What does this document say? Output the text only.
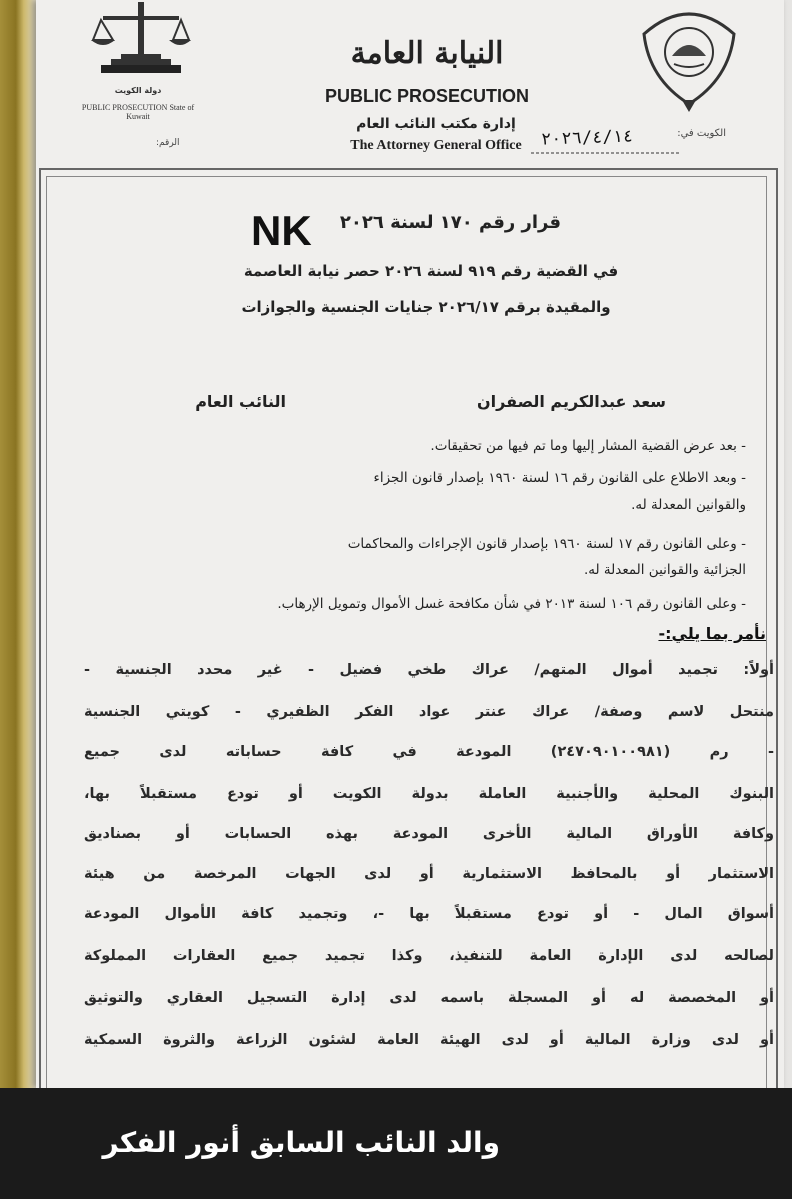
دولة الكويت
PUBLIC PROSECUTION State of Kuwait
النيابة العامة
PUBLIC PROSECUTION
إدارة مكتب النائب العام
The Attorney General Office
الرقم:
الكويت في:
٢٠٢٦/٤/١٤
NK	قرار رقم ١٧٠ لسنة ٢٠٢٦
في القضية رقم ٩١٩ لسنة ٢٠٢٦ حصر نيابة العاصمة
والمقيدة برقم ٢٠٢٦/١٧ جنايات الجنسية والجوازات
سعد عبدالكريم الصفران
النائب العام
- بعد عرض القضية المشار إليها وما تم فيها من تحقيقات.
- وبعد الاطلاع على القانون رقم ١٦ لسنة ١٩٦٠ بإصدار قانون الجزاء
والقوانين المعدلة له.
- وعلى القانون رقم ١٧ لسنة ١٩٦٠ بإصدار قانون الإجراءات والمحاكمات
الجزائية والقوانين المعدلة له.
- وعلى القانون رقم ١٠٦ لسنة ٢٠١٣ في شأن مكافحة غسل الأموال وتمويل الإرهاب.
نأمر بما يلي:-
أولاً: تجميد أموال المتهم/ عراك طخي فضيل - غير محدد الجنسية -
منتحل لاسم وصفة/ عراك عنتر عواد الفكر الظفيري - كويتي الجنسية
- رم (٢٤٧٠٩٠١٠٠٩٨١) المودعة في كافة حساباته لدى جميع
البنوك المحلية والأجنبية العاملة بدولة الكويت أو تودع مستقبلاً بها،
وكافة الأوراق المالية الأخرى المودعة بهذه الحسابات أو بصناديق
الاستثمار أو بالمحافظ الاستثمارية أو لدى الجهات المرخصة من هيئة
أسواق المال - أو تودع مستقبلاً بها -، وتجميد كافة الأموال المودعة
لصالحه لدى الإدارة العامة للتنفيذ، وكذا تجميد جميع العقارات المملوكة
أو المخصصة له أو المسجلة باسمه لدى إدارة التسجيل العقاري والتوثيق
أو لدى وزارة المالية أو لدى الهيئة العامة لشئون الزراعة والثروة السمكية
والد النائب السابق أنور الفكر
